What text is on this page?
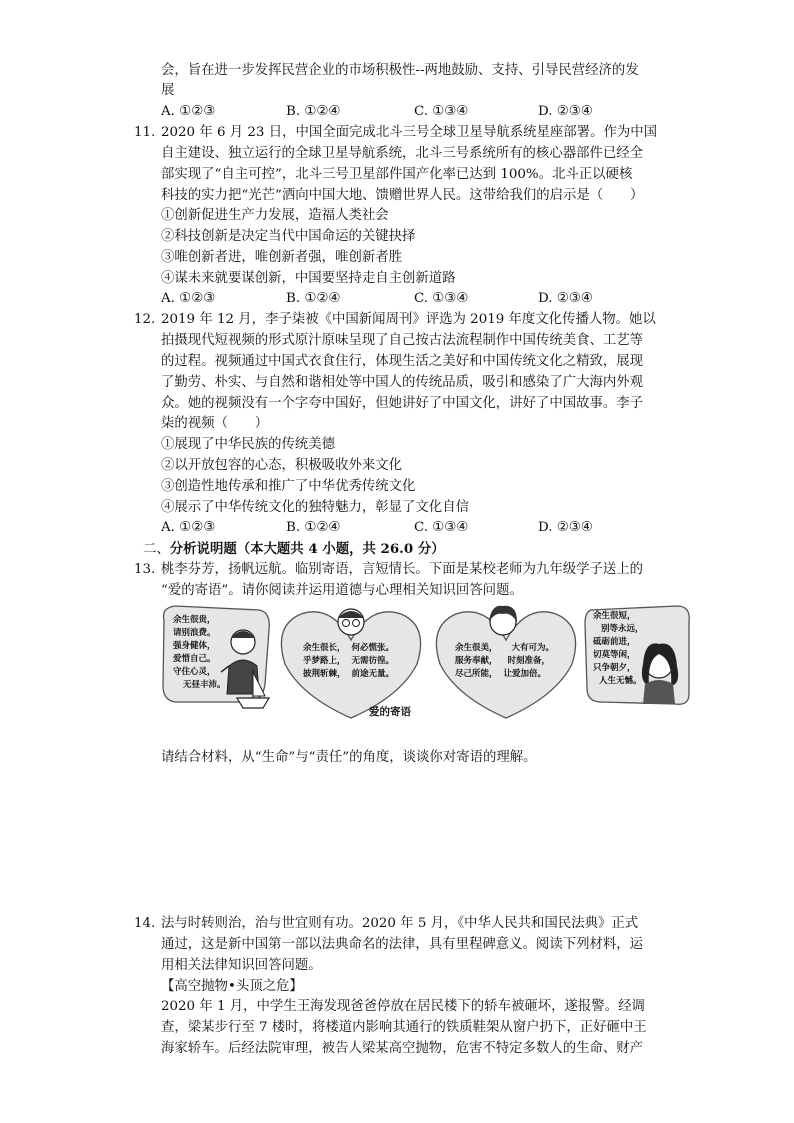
会，旨在进一步发挥民营企业的市场积极性--两地鼓励、支持、引导民营经济的发
展
A. ①②③	B. ①②④	C. ①③④	D. ②③④
11. 2020 年 6 月 23 日，中国全面完成北斗三号全球卫星导航系统星座部署。作为中国
自主建设、独立运行的全球卫星导航系统，北斗三号系统所有的核心器部件已经全
部实现了“自主可控”，北斗三号卫星部件国产化率已达到 100%。北斗正以硬核
科技的实力把“光芒”洒向中国大地、馈赠世界人民。这带给我们的启示是（　　）
①创新促进生产力发展，造福人类社会
②科技创新是决定当代中国命运的关键抉择
③唯创新者进，唯创新者强，唯创新者胜
④谋未来就要谋创新，中国要坚持走自主创新道路
A. ①②③	B. ①②④	C. ①③④	D. ②③④
12. 2019 年 12 月，李子柒被《中国新闻周刊》评选为 2019 年度文化传播人物。她以
拍摄现代短视频的形式原汁原味呈现了自己按古法流程制作中国传统美食、工艺等
的过程。视频通过中国式衣食住行，体现生活之美好和中国传统文化之精致，展现
了勤劳、朴实、与自然和谐相处等中国人的传统品质，吸引和感染了广大海内外观
众。她的视频没有一个字夸中国好，但她讲好了中国文化，讲好了中国故事。李子
柒的视频（　　）
①展现了中华民族的传统美德
②以开放包容的心态，积极吸收外来文化
③创造性地传承和推广了中华优秀传统文化
④展示了中华传统文化的独特魅力，彰显了文化自信
A. ①②③	B. ①②④	C. ①③④	D. ②③④
二、分析说明题（本大题共 4 小题，共 26.0 分）
13. 桃李芬芳，扬帆远航。临别寄语，言短情长。下面是某校老师为九年级学子送上的
“爱的寄语”。请你阅读并运用道德与心理相关知识回答问题。
余生很贵，
请别浪费。
强身健体，
爱惜自己。
守住心灵，
无昼丰沛。
余生很长， 何必慌张。
乎梦路上， 无需彷徨。
披荆斩棘， 前途无量。
余生很美， 大有可为。
服务奉献， 时刻准备，
尽己所能， 让爱加倍。
余生很短，
别等永远，
砥砺前进，
切莫等闲，
只争朝夕，
人生无憾。
爱的寄语
请结合材料，从“生命”与“责任”的角度，谈谈你对寄语的理解。
14. 法与时转则治，治与世宜则有功。2020 年 5 月，《中华人民共和国民法典》正式
通过，这是新中国第一部以法典命名的法律，具有里程碑意义。阅读下列材料，运
用相关法律知识回答问题。
【高空抛物•头顶之危】
2020 年 1 月，中学生王海发现爸爸停放在居民楼下的轿车被砸坏，遂报警。经调
查，梁某步行至 7 楼时，将楼道内影响其通行的铁质鞋架从窗户扔下，正好砸中王
海家轿车。后经法院审理，被告人梁某高空抛物，危害不特定多数人的生命、财产
